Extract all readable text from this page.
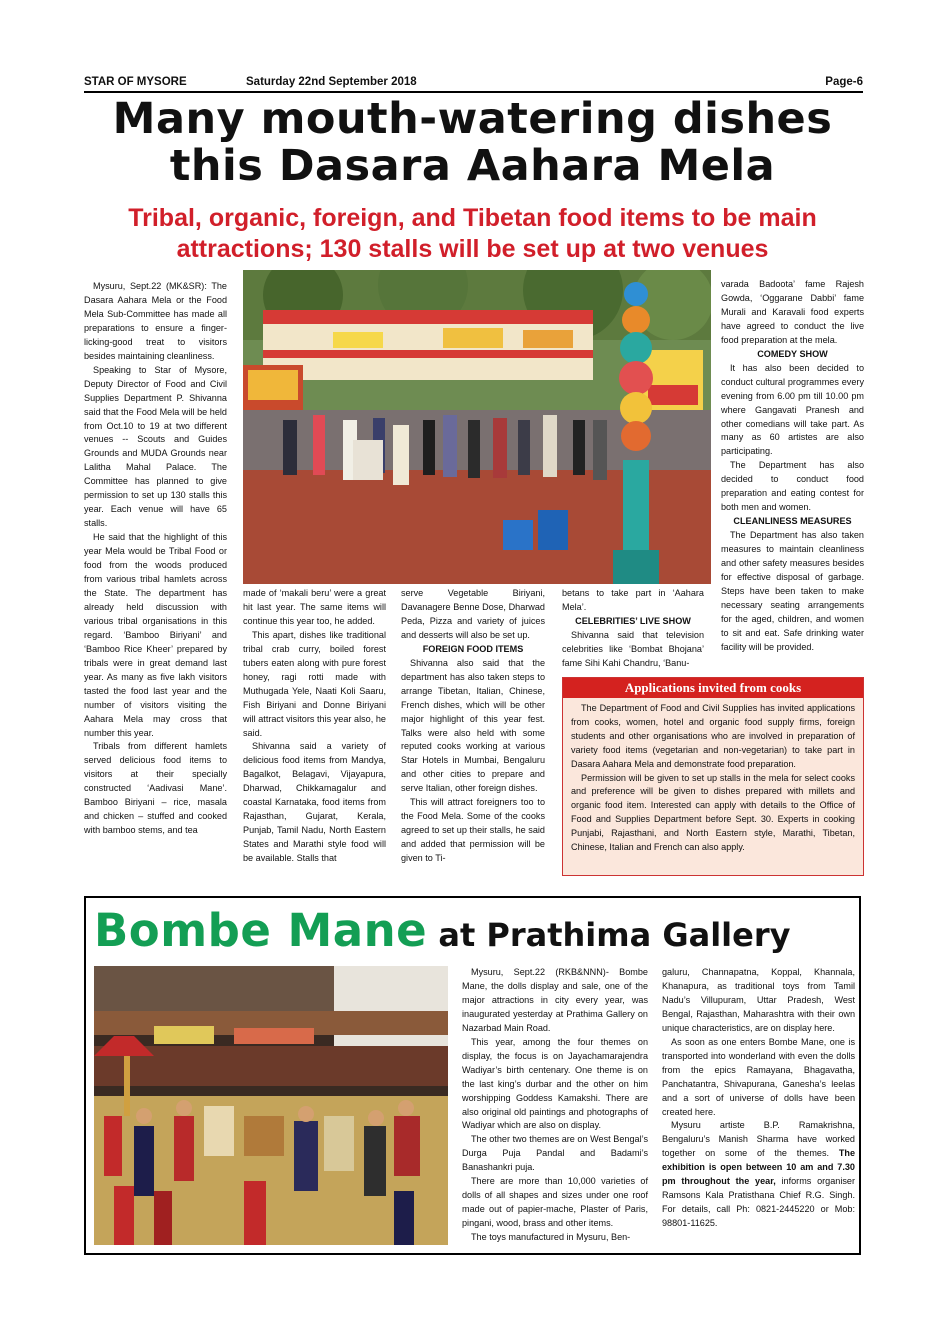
STAR OF MYSORE	Saturday 22nd September 2018	Page-6
Many mouth-watering dishes
this Dasara Aahara Mela
Tribal, organic, foreign, and Tibetan food items to be main
attractions; 130 stalls will be set up at two venues

Mysuru, Sept.22 (MK&SR): The Dasara Aahara Mela or the Food Mela Sub-Committee has made all preparations to ensure a finger-licking-good treat to visitors besides maintaining cleanliness.

Speaking to Star of Mysore, Deputy Director of Food and Civil Supplies Department P. Shivanna said that the Food Mela will be held from Oct.10 to 19 at two different venues -- Scouts and Guides Grounds and MUDA Grounds near Lalitha Mahal Palace. The Committee has planned to give permission to set up 130 stalls this year. Each venue will have 65 stalls.

He said that the highlight of this year Mela would be Tribal Food or food from the woods produced from various tribal hamlets across the State. The department has already held discussion with various tribal organisations in this regard. ‘Bamboo Biriyani’ and ‘Bamboo Rice Kheer’ prepared by tribals were in great demand last year. As many as five lakh visitors tasted the food last year and the number of visitors visiting the Aahara Mela may cross that number this year.

Tribals from different hamlets served delicious food items to visitors at their specially constructed ‘Aadivasi Mane’. Bamboo Biriyani – rice, masala and chicken – stuffed and cooked with bamboo stems, and tea

made of ‘makali beru’ were a great hit last year. The same items will continue this year too, he added.

This apart, dishes like traditional tribal crab curry, boiled forest tubers eaten along with pure forest honey, ragi rotti made with Muthugada Yele, Naati Koli Saaru, Fish Biriyani and Donne Biriyani will attract visitors this year also, he said.

Shivanna said a variety of delicious food items from Mandya, Bagalkot, Belagavi, Vijayapura, Dharwad, Chikkamagalur and coastal Karnataka, food items from Rajasthan, Gujarat, Kerala, Punjab, Tamil Nadu, North Eastern States and Marathi style food will be available. Stalls that

serve Vegetable Biriyani, Davanagere Benne Dose, Dharwad Peda, Pizza and variety of juices and desserts will also be set up.

FOREIGN FOOD ITEMS

Shivanna also said that the department has also taken steps to arrange Tibetan, Italian, Chinese, French dishes, which will be other major highlight of this year fest. Talks were also held with some reputed cooks working at various Star Hotels in Mumbai, Bengaluru and other cities to prepare and serve Italian, other foreign dishes.

This will attract foreigners too to the Food Mela. Some of the cooks agreed to set up their stalls, he said and added that permission will be given to Ti-

betans to take part in ‘Aahara Mela’.

CELEBRITIES’ LIVE SHOW

Shivanna said that television celebrities like ‘Bombat Bhojana’ fame Sihi Kahi Chandru, ‘Banu-

varada Badoota’ fame Rajesh Gowda, ‘Oggarane Dabbi’ fame Murali and Karavali food experts have agreed to conduct the live food preparation at the mela.

COMEDY SHOW

It has also been decided to conduct cultural programmes every evening from 6.00 pm till 10.00 pm where Gangavati Pranesh and other comedians will take part. As many as 60 artistes are also participating.

The Department has also decided to conduct food preparation and eating contest for both men and women.

CLEANLINESS MEASURES

The Department has also taken measures to maintain cleanliness and other safety measures besides for effective disposal of garbage. Steps have been taken to make necessary seating arrangements for the aged, children, and women to sit and eat. Safe drinking water facility will be provided.

Applications invited from cooks

The Department of Food and Civil Supplies has invited applications from cooks, women, hotel and organic food supply firms, foreign students and other organisations who are involved in preparation of variety food items (vegetarian and non-vegetarian) to take part in Dasara Aahara Mela and demonstrate food preparation.

Permission will be given to set up stalls in the mela for select cooks and preference will be given to dishes prepared with millets and organic food item. Interested can apply with details to the Office of Food and Supplies Department before Sept. 30. Experts in cooking Punjabi, Rajasthani, and North Eastern style, Marathi, Tibetan, Chinese, Italian and French can also apply.

Bombe Mane at Prathima Gallery

Mysuru, Sept.22 (RKB&NNN)- Bombe Mane, the dolls display and sale, one of the major attractions in city every year, was inaugurated yesterday at Prathima Gallery on Nazarbad Main Road.

This year, among the four themes on display, the focus is on Jayachamarajendra Wadiyar’s birth centenary. One theme is on the last king’s durbar and the other on him worshipping Goddess Kamakshi. There are also original old paintings and photographs of Wadiyar which are also on display.

The other two themes are on West Bengal’s Durga Puja Pandal and Badami’s Banashankri puja.

There are more than 10,000 varieties of dolls of all shapes and sizes under one roof made out of papier-mache, Plaster of Paris, pingani, wood, brass and other items.

The toys manufactured in Mysuru, Ben-

galuru, Channapatna, Koppal, Khannala, Khanapura, as traditional toys from Tamil Nadu’s Villupuram, Uttar Pradesh, West Bengal, Rajasthan, Maharashtra with their own unique characteristics, are on display here.

As soon as one enters Bombe Mane, one is transported into wonderland with even the dolls from the epics Ramayana, Bhagavatha, Panchatantra, Shivapurana, Ganesha’s leelas and a sort of universe of dolls have been created here.

Mysuru artiste B.P. Ramakrishna, Bengaluru’s Manish Sharma have worked together on some of the themes. The exhibition is open between 10 am and 7.30 pm throughout the year, informs organiser Ramsons Kala Pratisthana Chief R.G. Singh. For details, call Ph: 0821-2445220 or Mob: 98801-11625.
